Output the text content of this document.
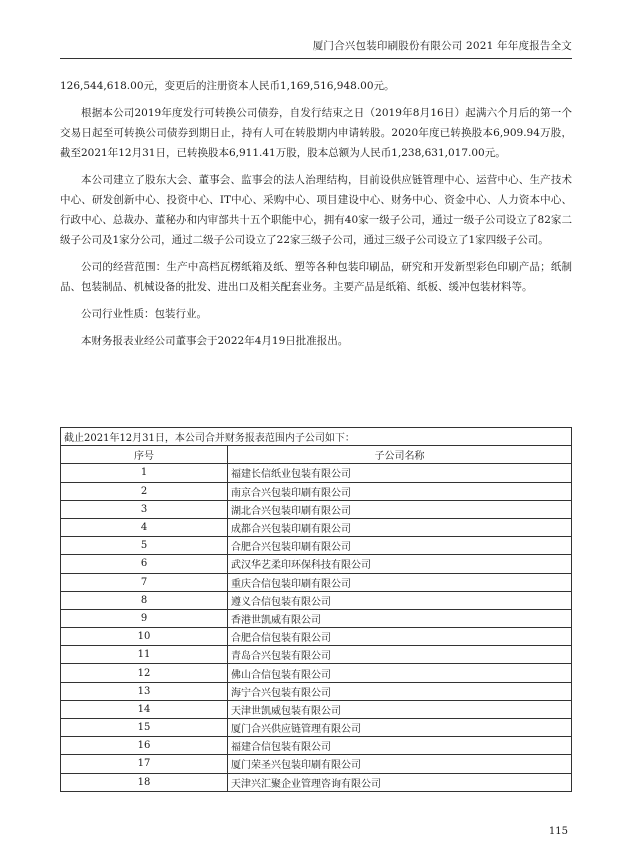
厦门合兴包装印刷股份有限公司 2021 年年度报告全文

126,544,618.00元，变更后的注册资本人民币1,169,516,948.00元。

根据本公司2019年度发行可转换公司债券，自发行结束之日（2019年8月16日）起满六个月后的第一个交易日起至可转换公司债券到期日止，持有人可在转股期内申请转股。2020年度已转换股本6,909.94万股，截至2021年12月31日，已转换股本6,911.41万股，股本总额为人民币1,238,631,017.00元。

本公司建立了股东大会、董事会、监事会的法人治理结构，目前设供应链管理中心、运营中心、生产技术中心、研发创新中心、投资中心、IT中心、采购中心、项目建设中心、财务中心、资金中心、人力资本中心、行政中心、总裁办、董秘办和内审部共十五个职能中心，拥有40家一级子公司，通过一级子公司设立了82家二级子公司及1家分公司，通过二级子公司设立了22家三级子公司，通过三级子公司设立了1家四级子公司。

公司的经营范围：生产中高档瓦楞纸箱及纸、塑等各种包装印刷品，研究和开发新型彩色印刷产品；纸制品、包装制品、机械设备的批发、进出口及相关配套业务。主要产品是纸箱、纸板、缓冲包装材料等。

公司行业性质：包装行业。

本财务报表业经公司董事会于2022年4月19日批准报出。

截止2021年12月31日，本公司合并财务报表范围内子公司如下：	
序号	子公司名称
1	福建长信纸业包装有限公司
2	南京合兴包装印刷有限公司
3	湖北合兴包装印刷有限公司
4	成都合兴包装印刷有限公司
5	合肥合兴包装印刷有限公司
6	武汉华艺柔印环保科技有限公司
7	重庆合信包装印刷有限公司
8	遵义合信包装有限公司
9	香港世凯威有限公司
10	合肥合信包装有限公司
11	青岛合兴包装有限公司
12	佛山合信包装有限公司
13	海宁合兴包装有限公司
14	天津世凯威包装有限公司
15	厦门合兴供应链管理有限公司
16	福建合信包装有限公司
17	厦门荣圣兴包装印刷有限公司
18	天津兴汇聚企业管理咨询有限公司
115
